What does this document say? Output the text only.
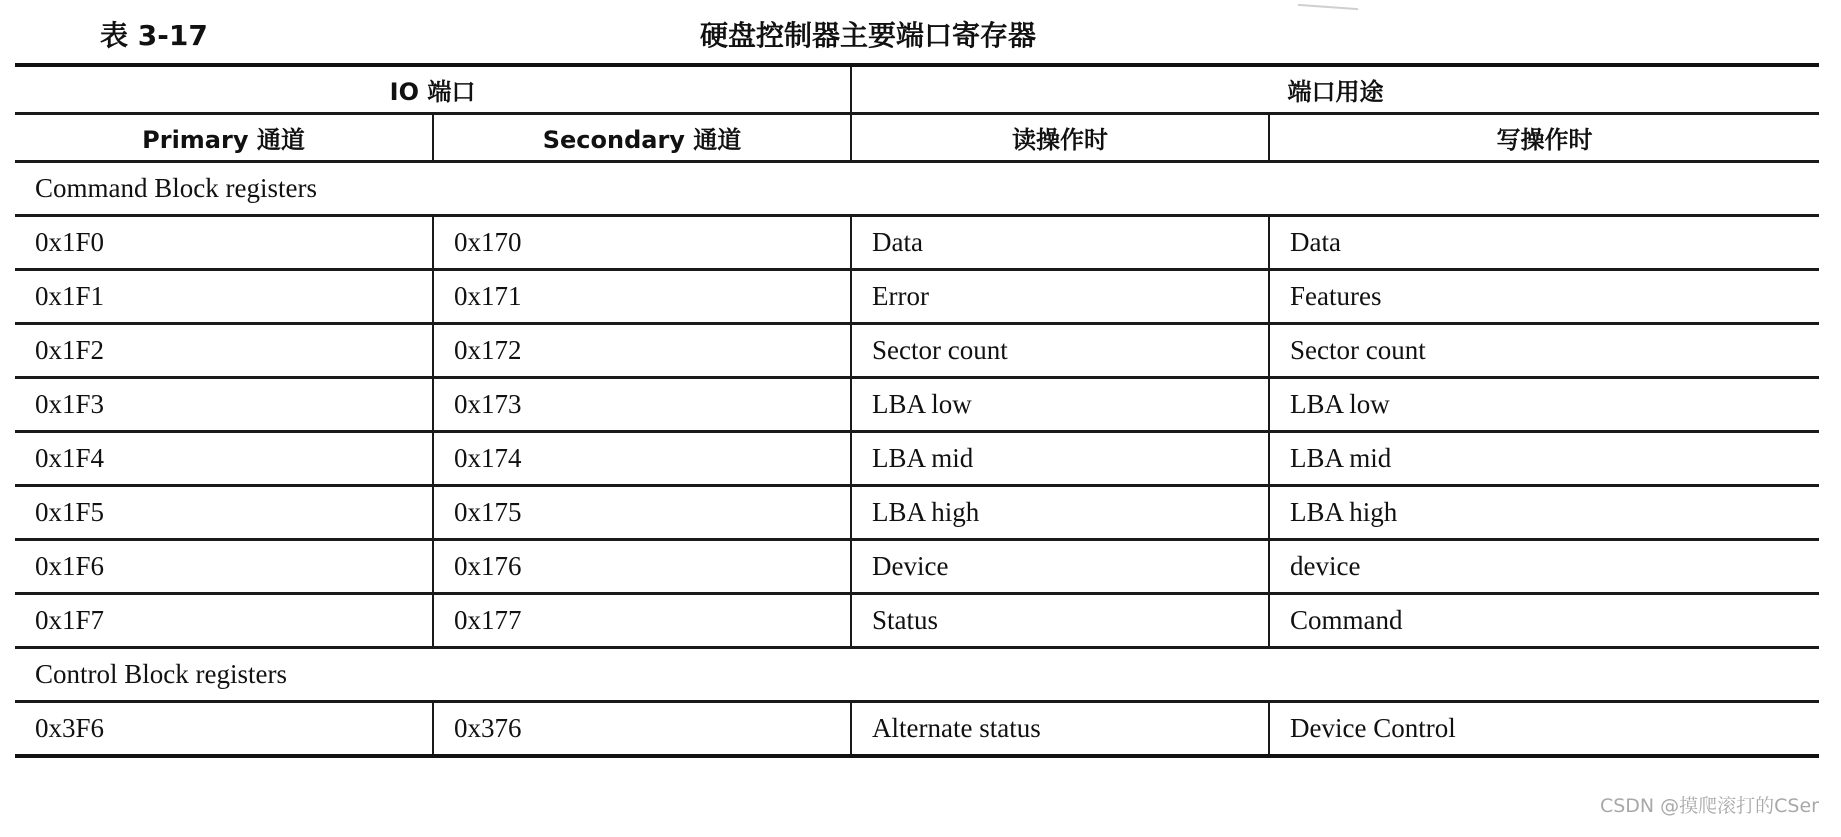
表 3-17	硬盘控制器主要端口寄存器
IO 端口		端口用途	
Primary 通道	Secondary 通道	读操作时	写操作时
Command Block registers			
0x1F0	0x170	Data	Data
0x1F1	0x171	Error	Features
0x1F2	0x172	Sector count	Sector count
0x1F3	0x173	LBA low	LBA low
0x1F4	0x174	LBA mid	LBA mid
0x1F5	0x175	LBA high	LBA high
0x1F6	0x176	Device	device
0x1F7	0x177	Status	Command
Control Block registers			
0x3F6	0x376	Alternate status	Device Control
CSDN @摸爬滚打的CSer
